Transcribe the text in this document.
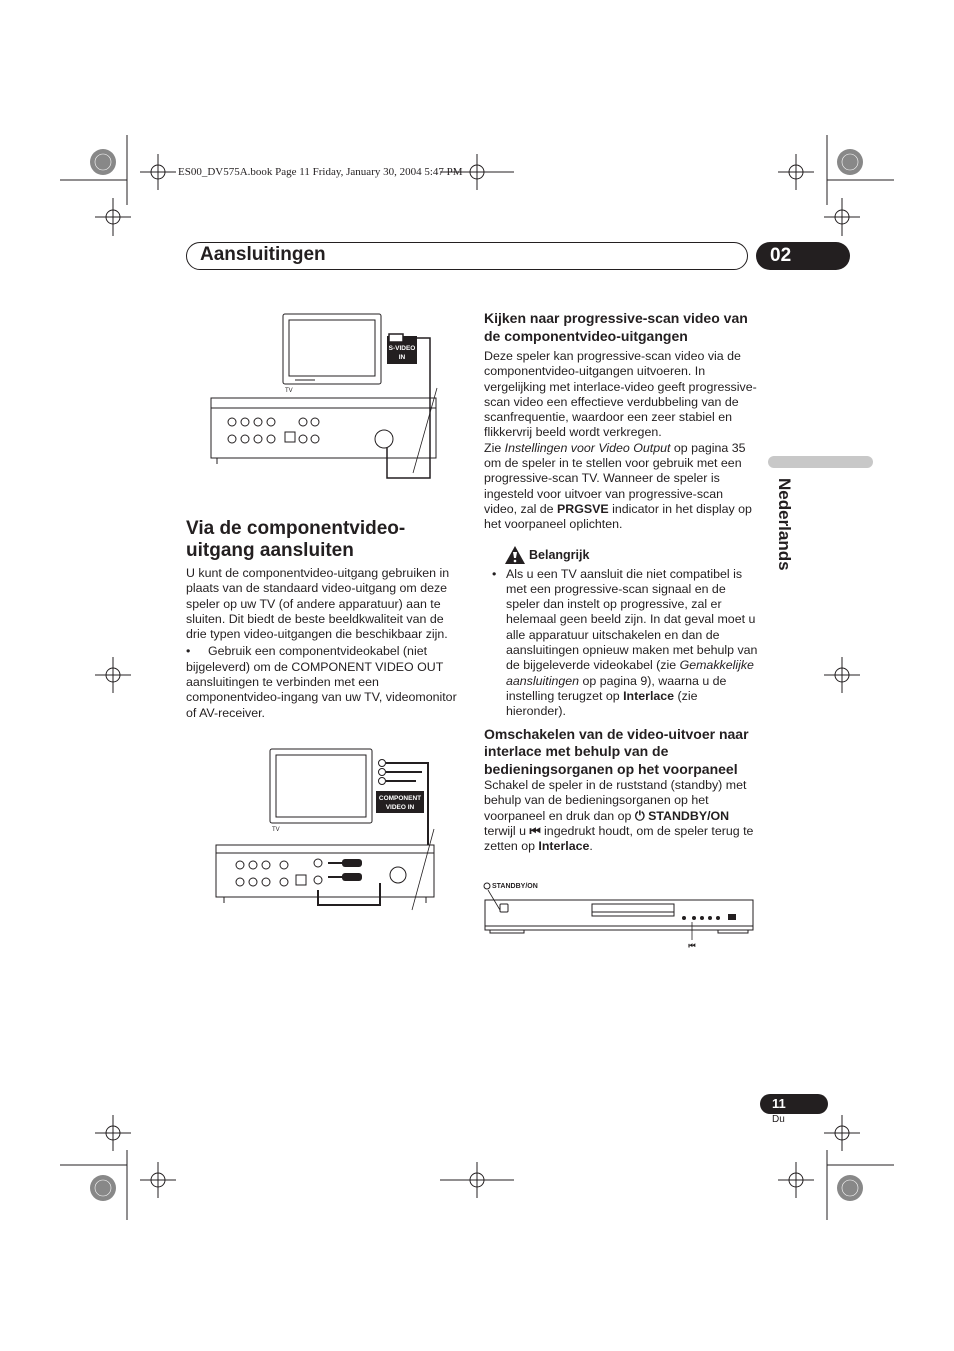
ES00_DV575A.book Page 11 Friday, January 30, 2004 5:47 PM
Aansluitingen	02
Nederlands
TV
S-VIDEO
IN
Via de componentvideo-uitgang aansluiten

U kunt de componentvideo-uitgang gebruiken in plaats van de standaard video-uitgang om deze speler op uw TV (of andere apparatuur) aan te sluiten. Dit biedt de beste beeldkwaliteit van de drie typen video-uitgangen die beschikbaar zijn.

• Gebruik een componentvideokabel (niet bijgeleverd) om de COMPONENT VIDEO OUT aansluitingen te verbinden met een componentvideo-ingang van uw TV, videomonitor of AV-receiver.

TV
COMPONENT
VIDEO IN
Kijken naar progressive-scan video van de componentvideo-uitgangen

Deze speler kan progressive-scan video via de componentvideo-uitgangen uitvoeren. In vergelijking met interlace-video geeft progressive-scan video een effectieve verdubbeling van de scanfrequentie, waardoor een zeer stabiel en flikkervrij beeld wordt verkregen.

Zie Instellingen voor Video Output op pagina 35 om de speler in te stellen voor gebruik met een progressive-scan TV. Wanneer de speler is ingesteld voor uitvoer van progressive-scan video, zal de PRGSVE indicator in het display op het voorpaneel oplichten.

Belangrijk

• Als u een TV aansluit die niet compatibel is met een progressive-scan signaal en de speler dan instelt op progressive, zal er helemaal geen beeld zijn. In dat geval moet u alle apparatuur uitschakelen en dan de aansluitingen opnieuw maken met behulp van de bijgeleverde videokabel (zie Gemakkelijke aansluitingen op pagina 9), waarna u de instelling terugzet op Interlace (zie hieronder).

Omschakelen van de video-uitvoer naar interlace met behulp van de bedieningsorganen op het voorpaneel

Schakel de speler in de ruststand (standby) met behulp van de bedieningsorganen op het voorpaneel en druk dan op ⏻ STANDBY/ON terwijl u ⏮ ingedrukt houdt, om de speler terug te zetten op Interlace.

STANDBY/ON
⏮
11
Du
